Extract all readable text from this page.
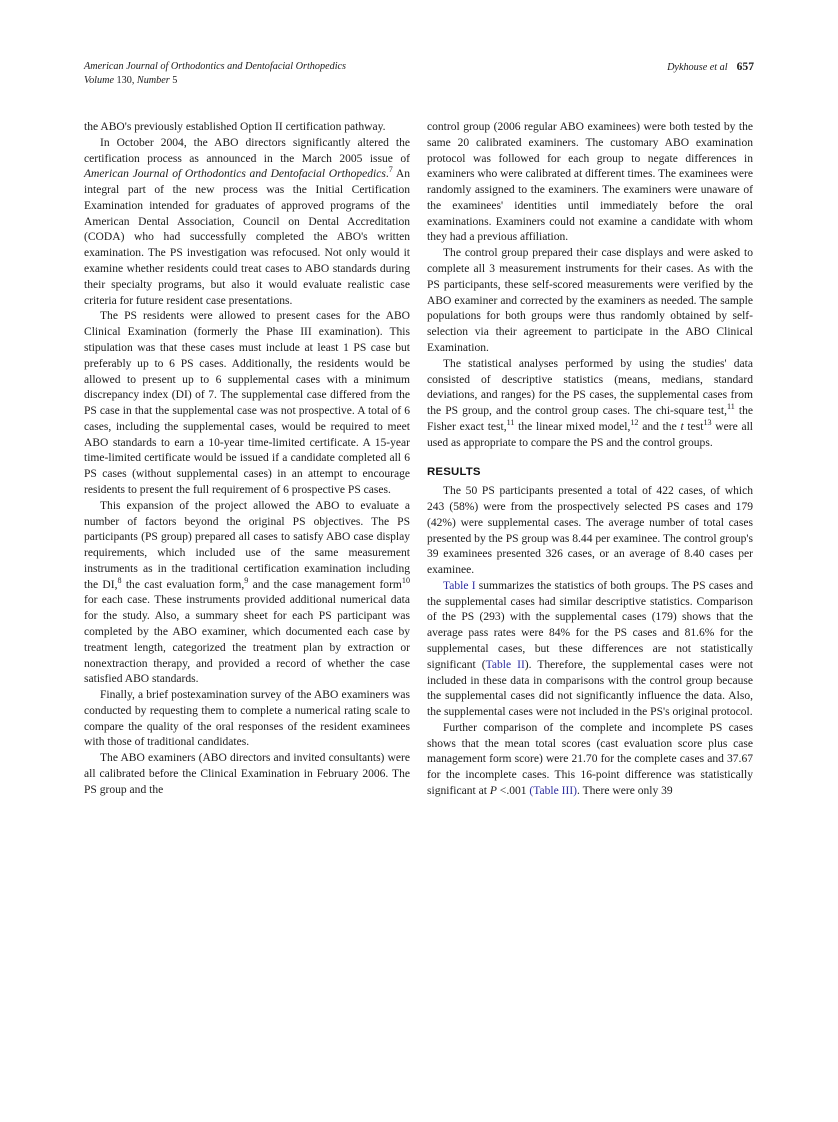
American Journal of Orthodontics and Dentofacial Orthopedics
Volume 130, Number 5
Dykhouse et al 657

the ABO's previously established Option II certification pathway.

In October 2004, the ABO directors significantly altered the certification process as announced in the March 2005 issue of American Journal of Orthodontics and Dentofacial Orthopedics.$^7$ An integral part of the new process was the Initial Certification Examination intended for graduates of approved programs of the American Dental Association, Council on Dental Accreditation (CODA) who had successfully completed the ABO's written examination. The PS investigation was refocused. Not only would it examine whether residents could treat cases to ABO standards during their specialty programs, but also it would evaluate realistic case criteria for future resident case presentations.

The PS residents were allowed to present cases for the ABO Clinical Examination (formerly the Phase III examination). This stipulation was that these cases must include at least 1 PS case but preferably up to 6 PS cases. Additionally, the residents would be allowed to present up to 6 supplemental cases with a minimum discrepancy index (DI) of 7. The supplemental case differed from the PS case in that the supplemental case was not prospective. A total of 6 cases, including the supplemental cases, would be required to meet ABO standards to earn a 10-year time-limited certificate. A 15-year time-limited certificate would be issued if a candidate completed all 6 PS cases (without supplemental cases) in an attempt to encourage residents to present the full requirement of 6 prospective PS cases.

This expansion of the project allowed the ABO to evaluate a number of factors beyond the original PS objectives. The PS participants (PS group) prepared all cases to satisfy ABO case display requirements, which included use of the same measurement instruments as in the traditional certification examination including the DI,$^8$ the cast evaluation form,$^9$ and the case management form$^{10}$ for each case. These instruments provided additional numerical data for the study. Also, a summary sheet for each PS participant was completed by the ABO examiner, which documented each case by treatment length, categorized the treatment plan by extraction or nonextraction therapy, and provided a record of whether the case satisfied ABO standards.

Finally, a brief postexamination survey of the ABO examiners was conducted by requesting them to complete a numerical rating scale to compare the quality of the oral responses of the resident examinees with those of traditional candidates.

The ABO examiners (ABO directors and invited consultants) were all calibrated before the Clinical Examination in February 2006. The PS group and the

control group (2006 regular ABO examinees) were both tested by the same 20 calibrated examiners. The customary ABO examination protocol was followed for each group to negate differences in examiners who were calibrated at different times. The examinees were randomly assigned to the examiners. The examiners were unaware of the examinees' identities until immediately before the oral examinations. Examiners could not examine a candidate with whom they had a previous affiliation.

The control group prepared their case displays and were asked to complete all 3 measurement instruments for their cases. As with the PS participants, these self-scored measurements were verified by the ABO examiner and corrected by the examiners as needed. The sample populations for both groups were thus randomly obtained by self-selection via their agreement to participate in the ABO Clinical Examination.

The statistical analyses performed by using the studies' data consisted of descriptive statistics (means, medians, standard deviations, and ranges) for the PS cases, the supplemental cases from the PS group, and the control group cases. The chi-square test,$^{11}$ the Fisher exact test,$^{11}$ the linear mixed model,$^{12}$ and the t test$^{13}$ were all used as appropriate to compare the PS and the control groups.

RESULTS

The 50 PS participants presented a total of 422 cases, of which 243 (58%) were from the prospectively selected PS cases and 179 (42%) were supplemental cases. The average number of total cases presented by the PS group was 8.44 per examinee. The control group's 39 examinees presented 326 cases, or an average of 8.40 cases per examinee.

Table I summarizes the statistics of both groups. The PS cases and the supplemental cases had similar descriptive statistics. Comparison of the PS (293) with the supplemental cases (179) shows that the average pass rates were 84% for the PS cases and 81.6% for the supplemental cases, but these differences are not statistically significant (Table II). Therefore, the supplemental cases were not included in these data in comparisons with the control group because the supplemental cases did not significantly influence the data. Also, the supplemental cases were not included in the PS's original protocol.

Further comparison of the complete and incomplete PS cases shows that the mean total scores (cast evaluation score plus case management form score) were 21.70 for the complete cases and 37.67 for the incomplete cases. This 16-point difference was statistically significant at P <.001 (Table III). There were only 39
